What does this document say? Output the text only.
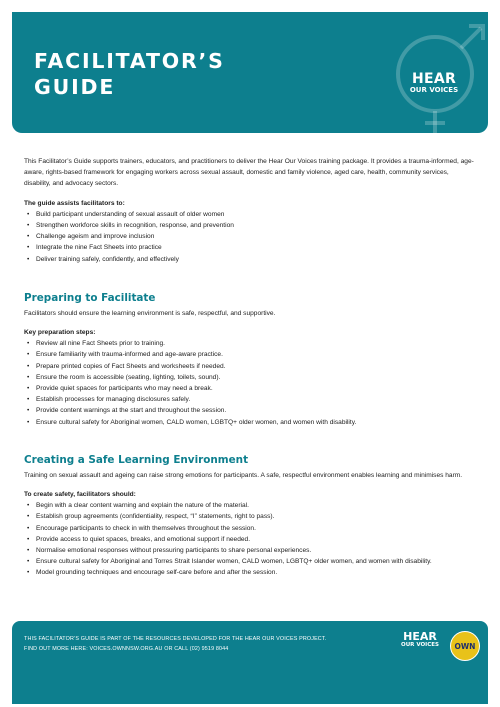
FACILITATOR’S
GUIDE	HEAR
OUR VOICES

This Facilitator’s Guide supports trainers, educators, and practitioners to deliver the Hear Our Voices training package. It provides a trauma-informed, age-aware, rights-based framework for engaging workers across sexual assault, domestic and family violence, aged care, health, community services, disability, and advocacy sectors.

The guide assists facilitators to:

• Build participant understanding of sexual assault of older women
• Strengthen workforce skills in recognition, response, and prevention
• Challenge ageism and improve inclusion
• Integrate the nine Fact Sheets into practice
• Deliver training safely, confidently, and effectively
Preparing to Facilitate

Facilitators should ensure the learning environment is safe, respectful, and supportive.

Key preparation steps:

• Review all nine Fact Sheets prior to training.
• Ensure familiarity with trauma-informed and age-aware practice.
• Prepare printed copies of Fact Sheets and worksheets if needed.
• Ensure the room is accessible (seating, lighting, toilets, sound).
• Provide quiet spaces for participants who may need a break.
• Establish processes for managing disclosures safely.
• Provide content warnings at the start and throughout the session.
• Ensure cultural safety for Aboriginal women, CALD women, LGBTQ+ older women, and women with disability.
Creating a Safe Learning Environment

Training on sexual assault and ageing can raise strong emotions for participants. A safe, respectful environment enables learning and minimises harm.

To create safety, facilitators should:

• Begin with a clear content warning and explain the nature of the material.
• Establish group agreements (confidentiality, respect, “I” statements, right to pass).
• Encourage participants to check in with themselves throughout the session.
• Provide access to quiet spaces, breaks, and emotional support if needed.
• Normalise emotional responses without pressuring participants to share personal experiences.
• Ensure cultural safety for Aboriginal and Torres Strait Islander women, CALD women, LGBTQ+ older women, and women with disability.
• Model grounding techniques and encourage self-care before and after the session.
THIS FACILITATOR’S GUIDE IS PART OF THE RESOURCES DEVELOPED FOR THE HEAR OUR VOICES PROJECT.
FIND OUT MORE HERE: VOICES.OWNNSW.ORG.AU OR CALL (02) 9519 8044
HEAR
OUR VOICES OWN
